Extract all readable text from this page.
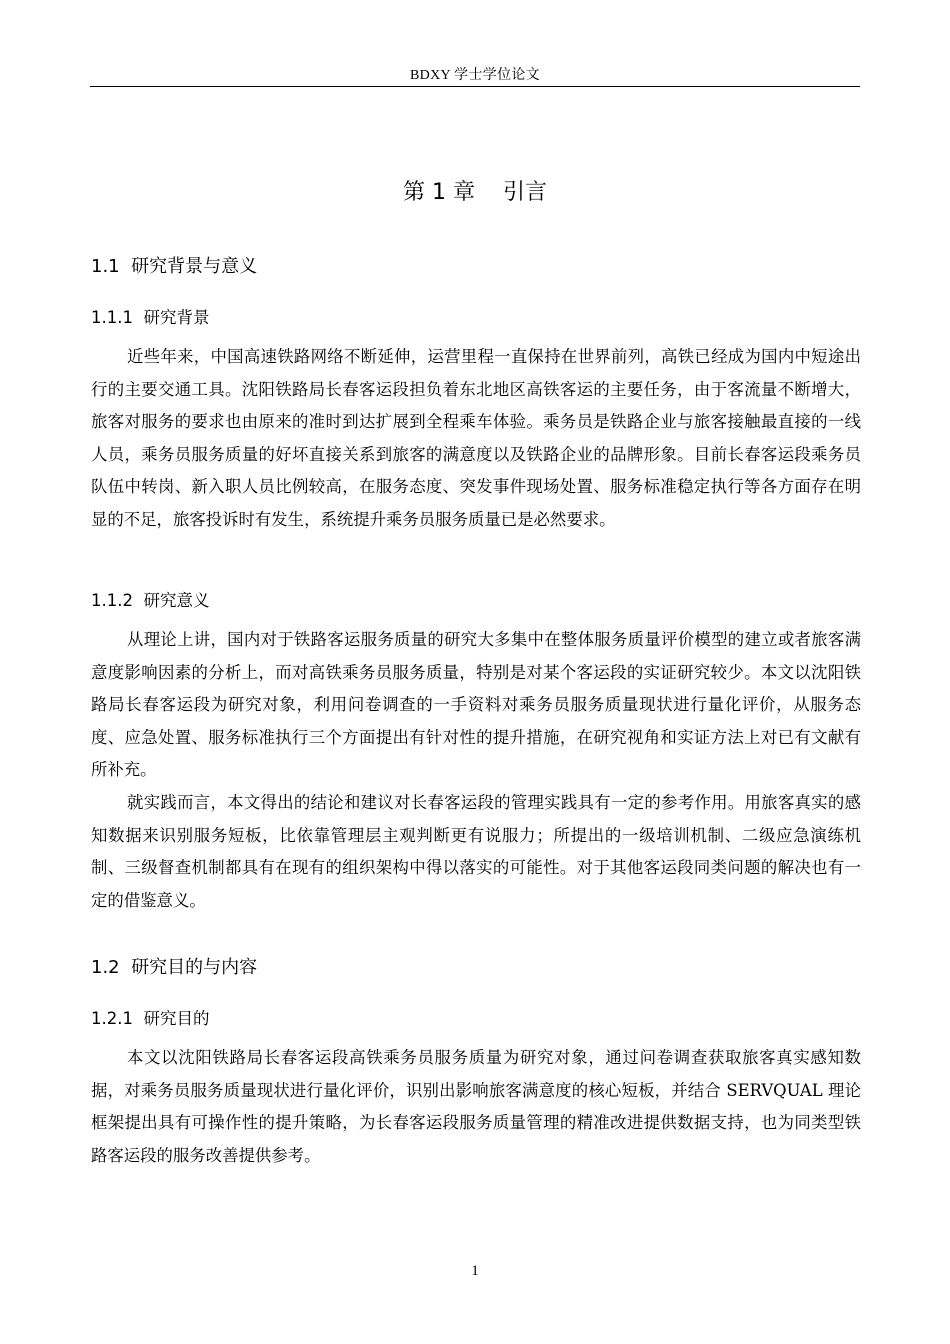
BDXY 学士学位论文
第 1 章    引言
1.1  研究背景与意义
1.1.1  研究背景

近些年来，中国高速铁路网络不断延伸，运营里程一直保持在世界前列，高铁已经成为国内中短途出行的主要交通工具。沈阳铁路局长春客运段担负着东北地区高铁客运的主要任务，由于客流量不断增大，旅客对服务的要求也由原来的准时到达扩展到全程乘车体验。乘务员是铁路企业与旅客接触最直接的一线人员，乘务员服务质量的好坏直接关系到旅客的满意度以及铁路企业的品牌形象。目前长春客运段乘务员队伍中转岗、新入职人员比例较高，在服务态度、突发事件现场处置、服务标准稳定执行等各方面存在明显的不足，旅客投诉时有发生，系统提升乘务员服务质量已是必然要求。

1.1.2  研究意义

从理论上讲，国内对于铁路客运服务质量的研究大多集中在整体服务质量评价模型的建立或者旅客满意度影响因素的分析上，而对高铁乘务员服务质量，特别是对某个客运段的实证研究较少。本文以沈阳铁路局长春客运段为研究对象，利用问卷调查的一手资料对乘务员服务质量现状进行量化评价，从服务态度、应急处置、服务标准执行三个方面提出有针对性的提升措施，在研究视角和实证方法上对已有文献有所补充。

就实践而言，本文得出的结论和建议对长春客运段的管理实践具有一定的参考作用。用旅客真实的感知数据来识别服务短板，比依靠管理层主观判断更有说服力；所提出的一级培训机制、二级应急演练机制、三级督查机制都具有在现有的组织架构中得以落实的可能性。对于其他客运段同类问题的解决也有一定的借鉴意义。

1.2  研究目的与内容
1.2.1  研究目的

本文以沈阳铁路局长春客运段高铁乘务员服务质量为研究对象，通过问卷调查获取旅客真实感知数据，对乘务员服务质量现状进行量化评价，识别出影响旅客满意度的核心短板，并结合 SERVQUAL 理论框架提出具有可操作性的提升策略，为长春客运段服务质量管理的精准改进提供数据支持，也为同类型铁路客运段的服务改善提供参考。

1
